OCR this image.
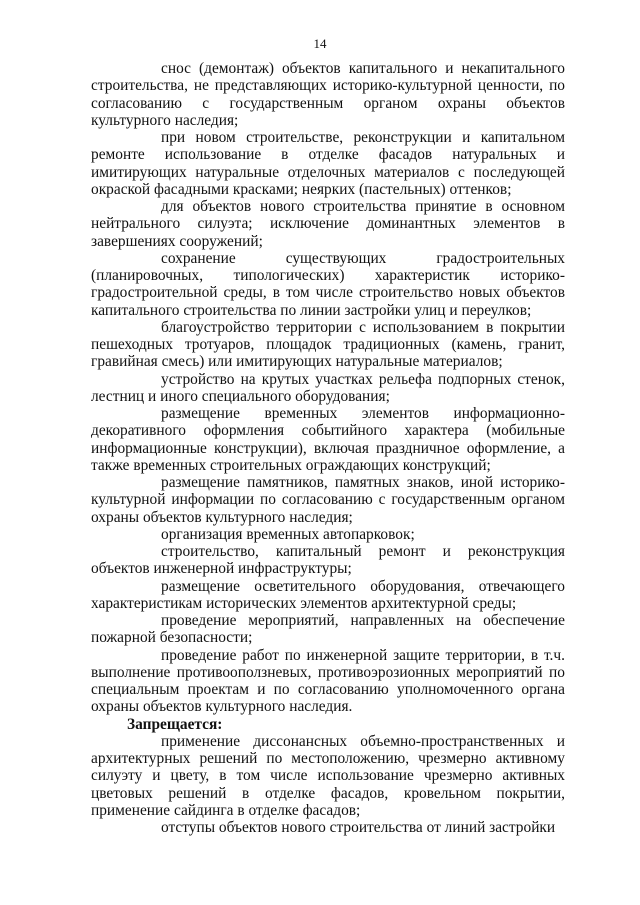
14

снос (демонтаж) объектов капитального и некапитального строительства, не представляющих историко-культурной ценности, по согласованию с государственным органом охраны объектов культурного наследия;

при новом строительстве, реконструкции и капитальном ремонте использование в отделке фасадов натуральных и имитирующих натуральные отделочных материалов с последующей окраской фасадными красками; неярких (пастельных) оттенков;

для объектов нового строительства принятие в основном нейтрального силуэта; исключение доминантных элементов в завершениях сооружений;

сохранение существующих градостроительных (планировочных, типологических) характеристик историко-градостроительной среды, в том числе строительство новых объектов капитального строительства по линии застройки улиц и переулков;

благоустройство территории с использованием в покрытии пешеходных тротуаров, площадок традиционных (камень, гранит, гравийная смесь) или имитирующих натуральные материалов;

устройство на крутых участках рельефа подпорных стенок, лестниц и иного специального оборудования;

размещение временных элементов информационно-декоративного оформления событийного характера (мобильные информационные конструкции), включая праздничное оформление, а также временных строительных ограждающих конструкций;

размещение памятников, памятных знаков, иной историко-культурной информации по согласованию с государственным органом охраны объектов культурного наследия;

организация временных автопарковок;

строительство, капитальный ремонт и реконструкция объектов инженерной инфраструктуры;

размещение осветительного оборудования, отвечающего характеристикам исторических элементов архитектурной среды;

проведение мероприятий, направленных на обеспечение пожарной безопасности;

проведение работ по инженерной защите территории, в т.ч. выполнение противооползневых, противоэрозионных мероприятий по специальным проектам и по согласованию уполномоченного органа охраны объектов культурного наследия.

Запрещается:

применение диссонансных объемно-пространственных и архитектурных решений по местоположению, чрезмерно активному силуэту и цвету, в том числе использование чрезмерно активных цветовых решений в отделке фасадов, кровельном покрытии, применение сайдинга в отделке фасадов;

отступы объектов нового строительства от линий застройки
